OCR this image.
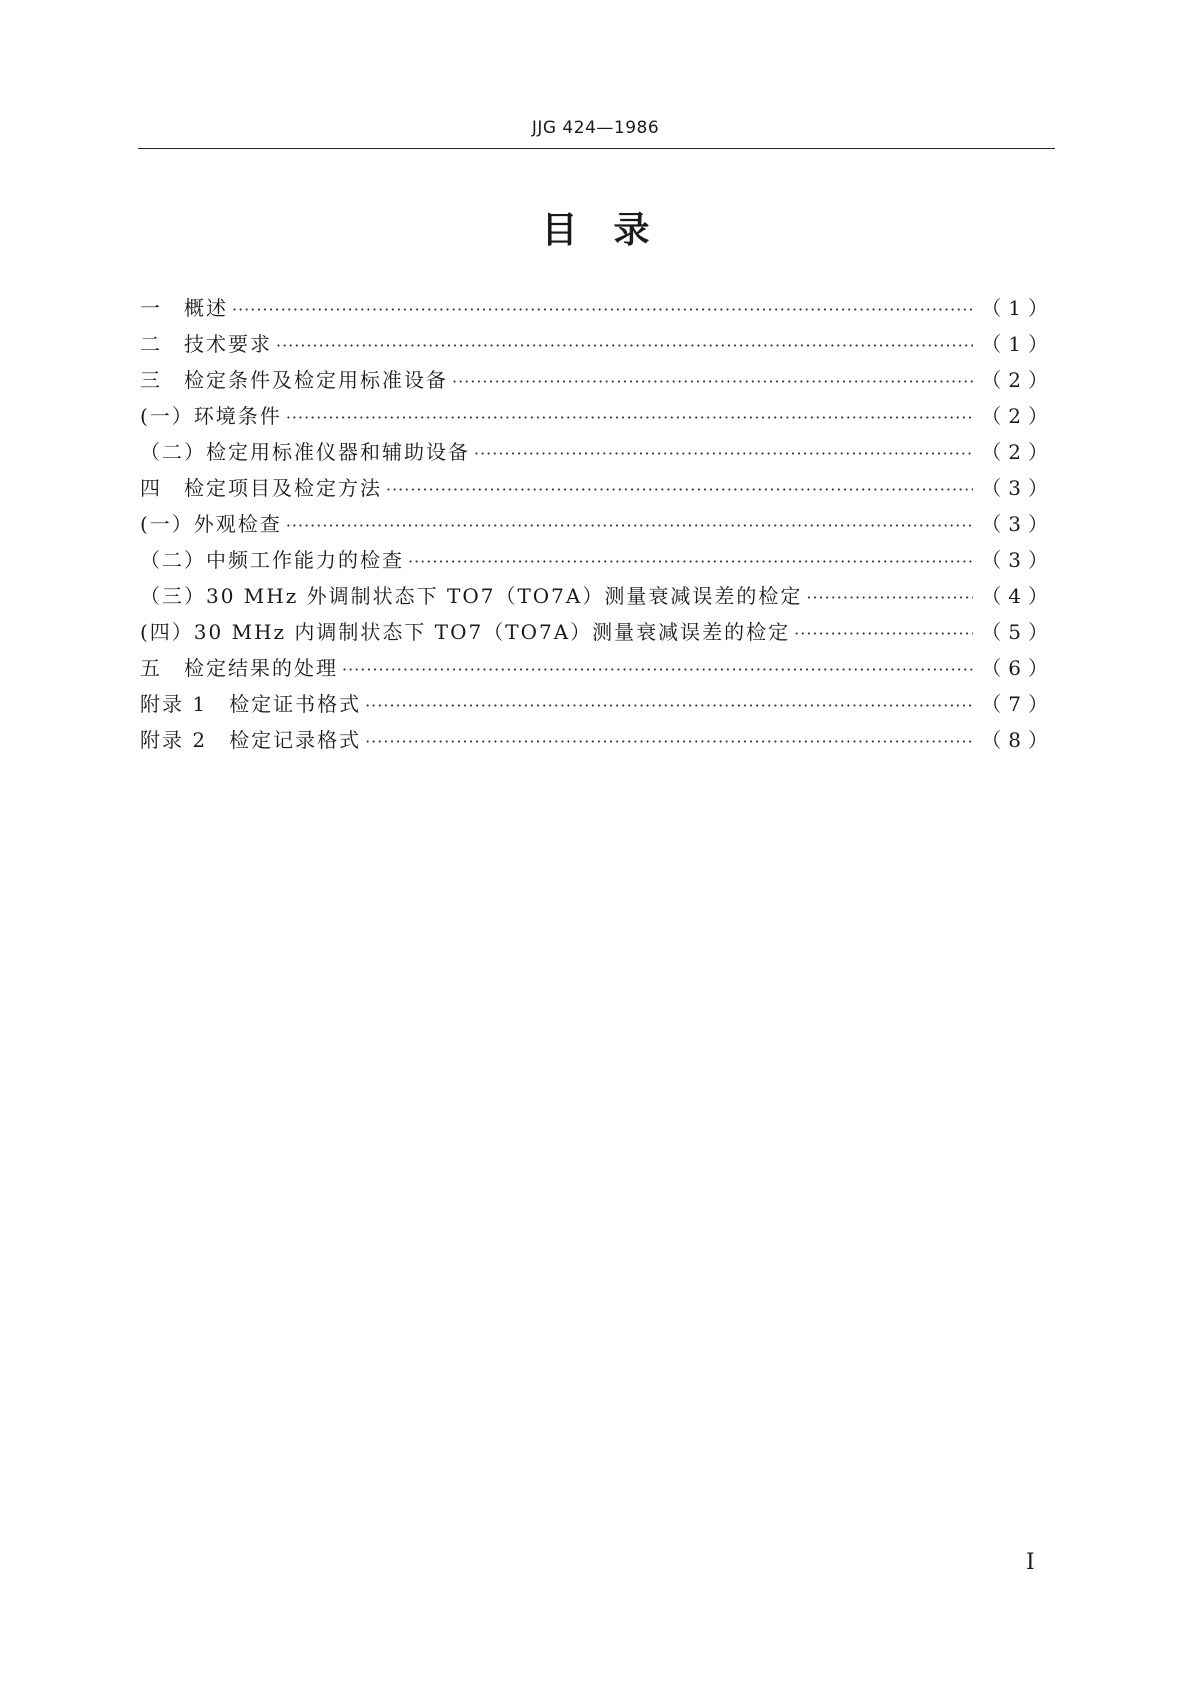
JJG 424—1986
目　录
一　概述 ·····	（1）
二　技术要求 ·····	（1）
三　检定条件及检定用标准设备 ·····	（2）
(一）环境条件 ·····	（2）
（二）检定用标准仪器和辅助设备 ·····	（2）
四　检定项目及检定方法 ·····	（3）
(一）外观检查 ·····	（3）
（二）中频工作能力的检查 ·····	（3）
（三）30 MHz 外调制状态下 TO7（TO7A）测量衰减误差的检定 ·····	（4）
(四）30 MHz 内调制状态下 TO7（TO7A）测量衰减误差的检定 ·····	（5）
五　检定结果的处理 ·····	（6）
附录 1　检定证书格式 ·····	（7）
附录 2　检定记录格式 ·····	（8）
I
